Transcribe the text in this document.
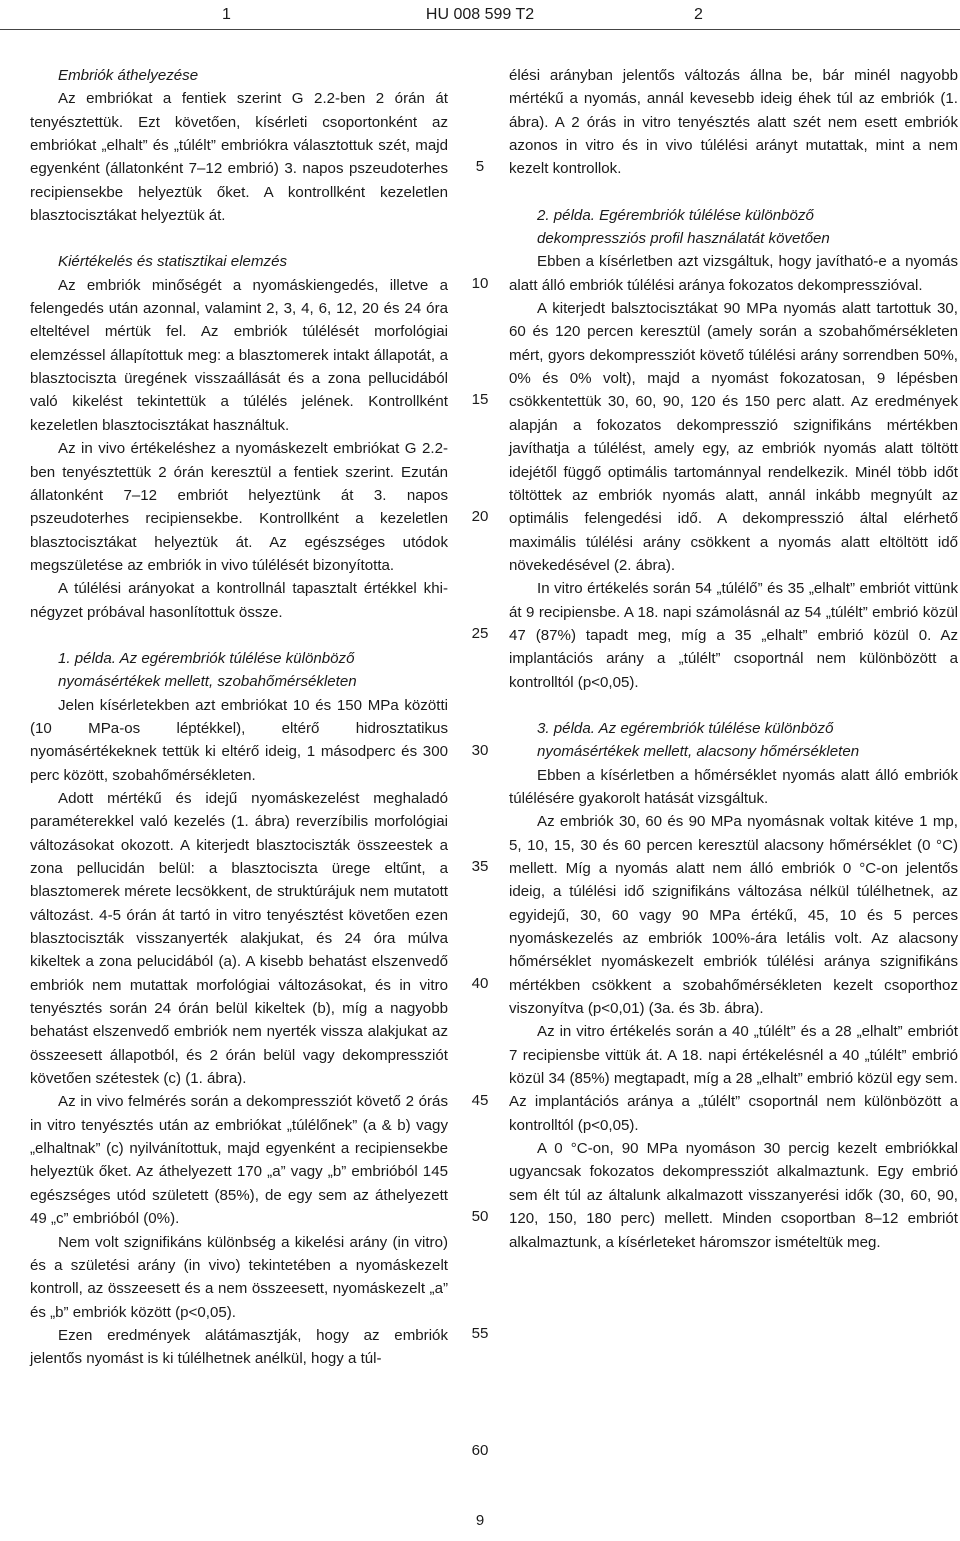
1	HU 008 599 T2	2

Embriók áthelyezése

Az embriókat a fentiek szerint G 2.2-ben 2 órán át tenyésztettük. Ezt követően, kísérleti csoportonként az embriókat „elhalt” és „túlélt” embriókra választottuk szét, majd egyenként (állatonként 7–12 embrió) 3. napos pszeudoterhes recipiensekbe helyeztük őket. A kontrollként kezeletlen blasztocisztákat helyeztük át.

Kiértékelés és statisztikai elemzés

Az embriók minőségét a nyomáskiengedés, illetve a felengedés után azonnal, valamint 2, 3, 4, 6, 12, 20 és 24 óra elteltével mértük fel. Az embriók túlélését morfológiai elemzéssel állapítottuk meg: a blasztomerek intakt állapotát, a blasztociszta üregének visszaállását és a zona pellucidából való kikelést tekintettük a túlélés jelének. Kontrollként kezeletlen blasztocisztákat használtuk.

Az in vivo értékeléshez a nyomáskezelt embriókat G 2.2-ben tenyésztettük 2 órán keresztül a fentiek szerint. Ezután állatonként 7–12 embriót helyeztünk át 3. napos pszeudoterhes recipiensekbe. Kontrollként a kezeletlen blasztocisztákat helyeztük át. Az egészséges utódok megszületése az embriók in vivo túlélését bizonyította.

A túlélési arányokat a kontrollnál tapasztalt értékkel khi-négyzet próbával hasonlítottuk össze.

1. példa. Az egérembriók túlélése különböző

nyomásértékek mellett, szobahőmérsékleten

Jelen kísérletekben azt embriókat 10 és 150 MPa közötti (10 MPa-os léptékkel), eltérő hidrosztatikus nyomásértékeknek tettük ki eltérő ideig, 1 másodperc és 300 perc között, szobahőmérsékleten.

Adott mértékű és idejű nyomáskezelést meghaladó paraméterekkel való kezelés (1. ábra) reverzíbilis morfológiai változásokat okozott. A kiterjedt blasztociszták összeestek a zona pellucidán belül: a blasztociszta ürege eltűnt, a blasztomerek mérete lecsökkent, de struktúrájuk nem mutatott változást. 4-5 órán át tartó in vitro tenyésztést követően ezen blasztociszták visszanyerték alakjukat, és 24 óra múlva kikeltek a zona pelucidából (a). A kisebb behatást elszenvedő embriók nem mutattak morfológiai változásokat, és in vitro tenyésztés során 24 órán belül kikeltek (b), míg a nagyobb behatást elszenvedő embriók nem nyerték vissza alakjukat az összeesett állapotból, és 2 órán belül vagy dekompressziót követően szétestek (c) (1. ábra).

Az in vivo felmérés során a dekompressziót követő 2 órás in vitro tenyésztés után az embriókat „túlélőnek” (a & b) vagy „elhaltnak” (c) nyilvánítottuk, majd egyenként a recipiensekbe helyeztük őket. Az áthelyezett 170 „a” vagy „b” embrióból 145 egészséges utód született (85%), de egy sem az áthelyezett 49 „c” embrióból (0%).

Nem volt szignifikáns különbség a kikelési arány (in vitro) és a születési arány (in vivo) tekintetében a nyomáskezelt kontroll, az összeesett és a nem összeesett, nyomáskezelt „a” és „b” embriók között (p<0,05).

Ezen eredmények alátámasztják, hogy az embriók jelentős nyomást is ki túlélhetnek anélkül, hogy a túl-

élési arányban jelentős változás állna be, bár minél nagyobb mértékű a nyomás, annál kevesebb ideig éhek túl az embriók (1. ábra). A 2 órás in vitro tenyésztés alatt szét nem esett embriók azonos in vitro és in vivo túlélési arányt mutattak, mint a nem kezelt kontrollok.

2. példa. Egérembriók túlélése különböző

dekompressziós profil használatát követően

Ebben a kísérletben azt vizsgáltuk, hogy javítható-e a nyomás alatt álló embriók túlélési aránya fokozatos dekompresszióval.

A kiterjedt balsztocisztákat 90 MPa nyomás alatt tartottuk 30, 60 és 120 percen keresztül (amely során a szobahőmérsékleten mért, gyors dekompressziót követő túlélési arány sorrendben 50%, 0% és 0% volt), majd a nyomást fokozatosan, 9 lépésben csökkentettük 30, 60, 90, 120 és 150 perc alatt. Az eredmények alapján a fokozatos dekompresszió szignifikáns mértékben javíthatja a túlélést, amely egy, az embriók nyomás alatt töltött idejétől függő optimális tartománnyal rendelkezik. Minél több időt töltöttek az embriók nyomás alatt, annál inkább megnyúlt az optimális felengedési idő. A dekompresszió által elérhető maximális túlélési arány csökkent a nyomás alatt eltöltött idő növekedésével (2. ábra).

In vitro értékelés során 54 „túlélő” és 35 „elhalt” embriót vittünk át 9 recipiensbe. A 18. napi számolásnál az 54 „túlélt” embrió közül 47 (87%) tapadt meg, míg a 35 „elhalt” embrió közül 0. Az implantációs arány a „túlélt” csoportnál nem különbözött a kontrolltól (p<0,05).

3. példa. Az egérembriók túlélése különböző

nyomásértékek mellett, alacsony hőmérsékleten

Ebben a kísérletben a hőmérséklet nyomás alatt álló embriók túlélésére gyakorolt hatását vizsgáltuk.

Az embriók 30, 60 és 90 MPa nyomásnak voltak kitéve 1 mp, 5, 10, 15, 30 és 60 percen keresztül alacsony hőmérséklet (0 °C) mellett. Míg a nyomás alatt nem álló embriók 0 °C-on jelentős ideig, a túlélési idő szignifikáns változása nélkül túlélhetnek, az egyidejű, 30, 60 vagy 90 MPa értékű, 45, 10 és 5 perces nyomáskezelés az embriók 100%-ára letális volt. Az alacsony hőmérséklet nyomáskezelt embriók túlélési aránya szignifikáns mértékben csökkent a szobahőmérsékleten kezelt csoporthoz viszonyítva (p<0,01) (3a. és 3b. ábra).

Az in vitro értékelés során a 40 „túlélt” és a 28 „elhalt” embriót 7 recipiensbe vittük át. A 18. napi értékelésnél a 40 „túlélt” embrió közül 34 (85%) megtapadt, míg a 28 „elhalt” embrió közül egy sem. Az implantációs aránya a „túlélt” csoportnál nem különbözött a kontrolltól (p<0,05).

A 0 °C-on, 90 MPa nyomáson 30 percig kezelt embriókkal ugyancsak fokozatos dekompressziót alkalmaztunk. Egy embrió sem élt túl az általunk alkalmazott visszanyerési idők (30, 60, 90, 120, 150, 180 perc) mellett. Minden csoportban 8–12 embriót alkalmaztunk, a kísérleteket háromszor ismételtük meg.

5
10
15
20
25
30
35
40
45
50
55
60
9
